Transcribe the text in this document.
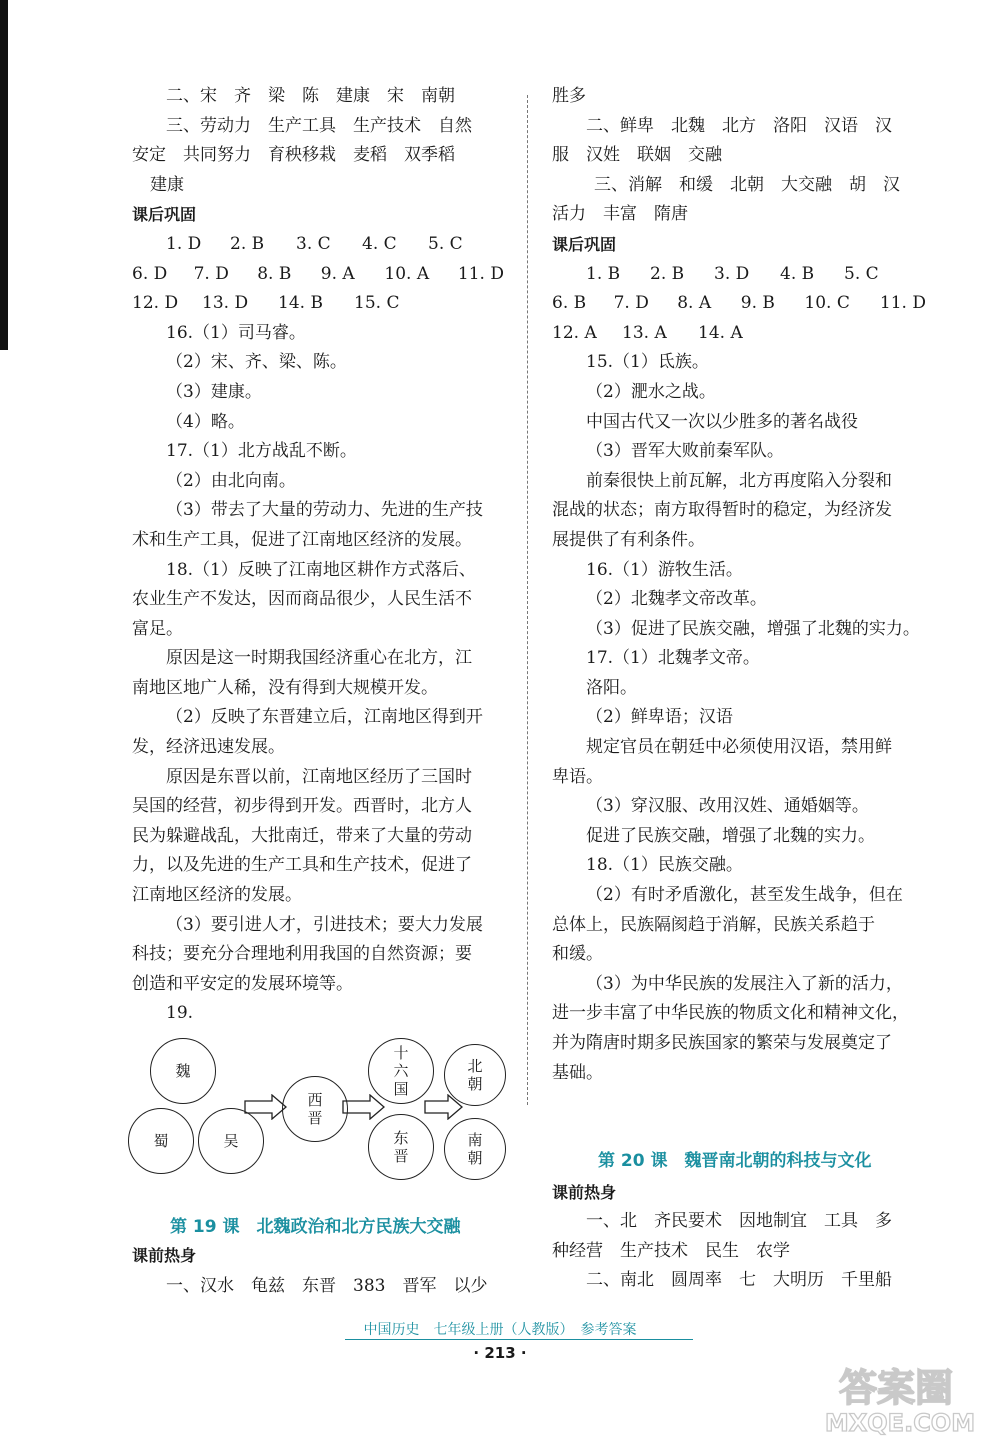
二、宋　齐　梁　陈　建康　宋　南朝
三、劳动力　生产工具　生产技术　自然
安定　共同努力　育秧移栽　麦稻　双季稻
建康
课后巩固
1. D	2. B	3. C	4. C	5. C
6. D	7. D	8. B	9. A	10. A	11. D
12. D	13. D	14. B	15. C
16.（1）司马睿。
（2）宋、齐、梁、陈。
（3）建康。
（4）略。
17.（1）北方战乱不断。
（2）由北向南。
（3）带去了大量的劳动力、先进的生产技
术和生产工具，促进了江南地区经济的发展。
18.（1）反映了江南地区耕作方式落后、
农业生产不发达，因而商品很少，人民生活不
富足。
原因是这一时期我国经济重心在北方，江
南地区地广人稀，没有得到大规模开发。
（2）反映了东晋建立后，江南地区得到开
发，经济迅速发展。
原因是东晋以前，江南地区经历了三国时
吴国的经营，初步得到开发。西晋时，北方人
民为躲避战乱，大批南迁，带来了大量的劳动
力，以及先进的生产工具和生产技术，促进了
江南地区经济的发展。
（3）要引进人才，引进技术；要大力发展
科技；要充分合理地利用我国的自然资源；要
创造和平安定的发展环境等。
19.
魏
蜀	吴
西晋
十六国
东晋
北朝
南朝
第 19 课　北魏政治和北方民族大交融
课前热身
一、汉水　龟兹　东晋　383　晋军　以少
胜多
二、鲜卑　北魏　北方　洛阳　汉语　汉
服　汉姓　联姻　交融
三、消解　和缓　北朝　大交融　胡　汉
活力　丰富　隋唐
课后巩固
1. B	2. B	3. D	4. B	5. C
6. B	7. D	8. A	9. B	10. C	11. D
12. A	13. A	14. A
15.（1）氐族。
（2）淝水之战。
中国古代又一次以少胜多的著名战役
（3）晋军大败前秦军队。
前秦很快上前瓦解，北方再度陷入分裂和
混战的状态；南方取得暂时的稳定，为经济发
展提供了有利条件。
16.（1）游牧生活。
（2）北魏孝文帝改革。
（3）促进了民族交融，增强了北魏的实力。
17.（1）北魏孝文帝。
洛阳。
（2）鲜卑语；汉语
规定官员在朝廷中必须使用汉语，禁用鲜
卑语。
（3）穿汉服、改用汉姓、通婚姻等。
促进了民族交融，增强了北魏的实力。
18.（1）民族交融。
（2）有时矛盾激化，甚至发生战争，但在
总体上，民族隔阂趋于消解，民族关系趋于
和缓。
（3）为中华民族的发展注入了新的活力，
进一步丰富了中华民族的物质文化和精神文化，
并为隋唐时期多民族国家的繁荣与发展奠定了
基础。
第 20 课　魏晋南北朝的科技与文化
课前热身
一、北　齐民要术　因地制宜　工具　多
种经营　生产技术　民生　农学
二、南北　圆周率　七　大明历　千里船
中国历史　七年级上册（人教版）　参考答案
· 213 ·
答案圈
MXQE.COM
